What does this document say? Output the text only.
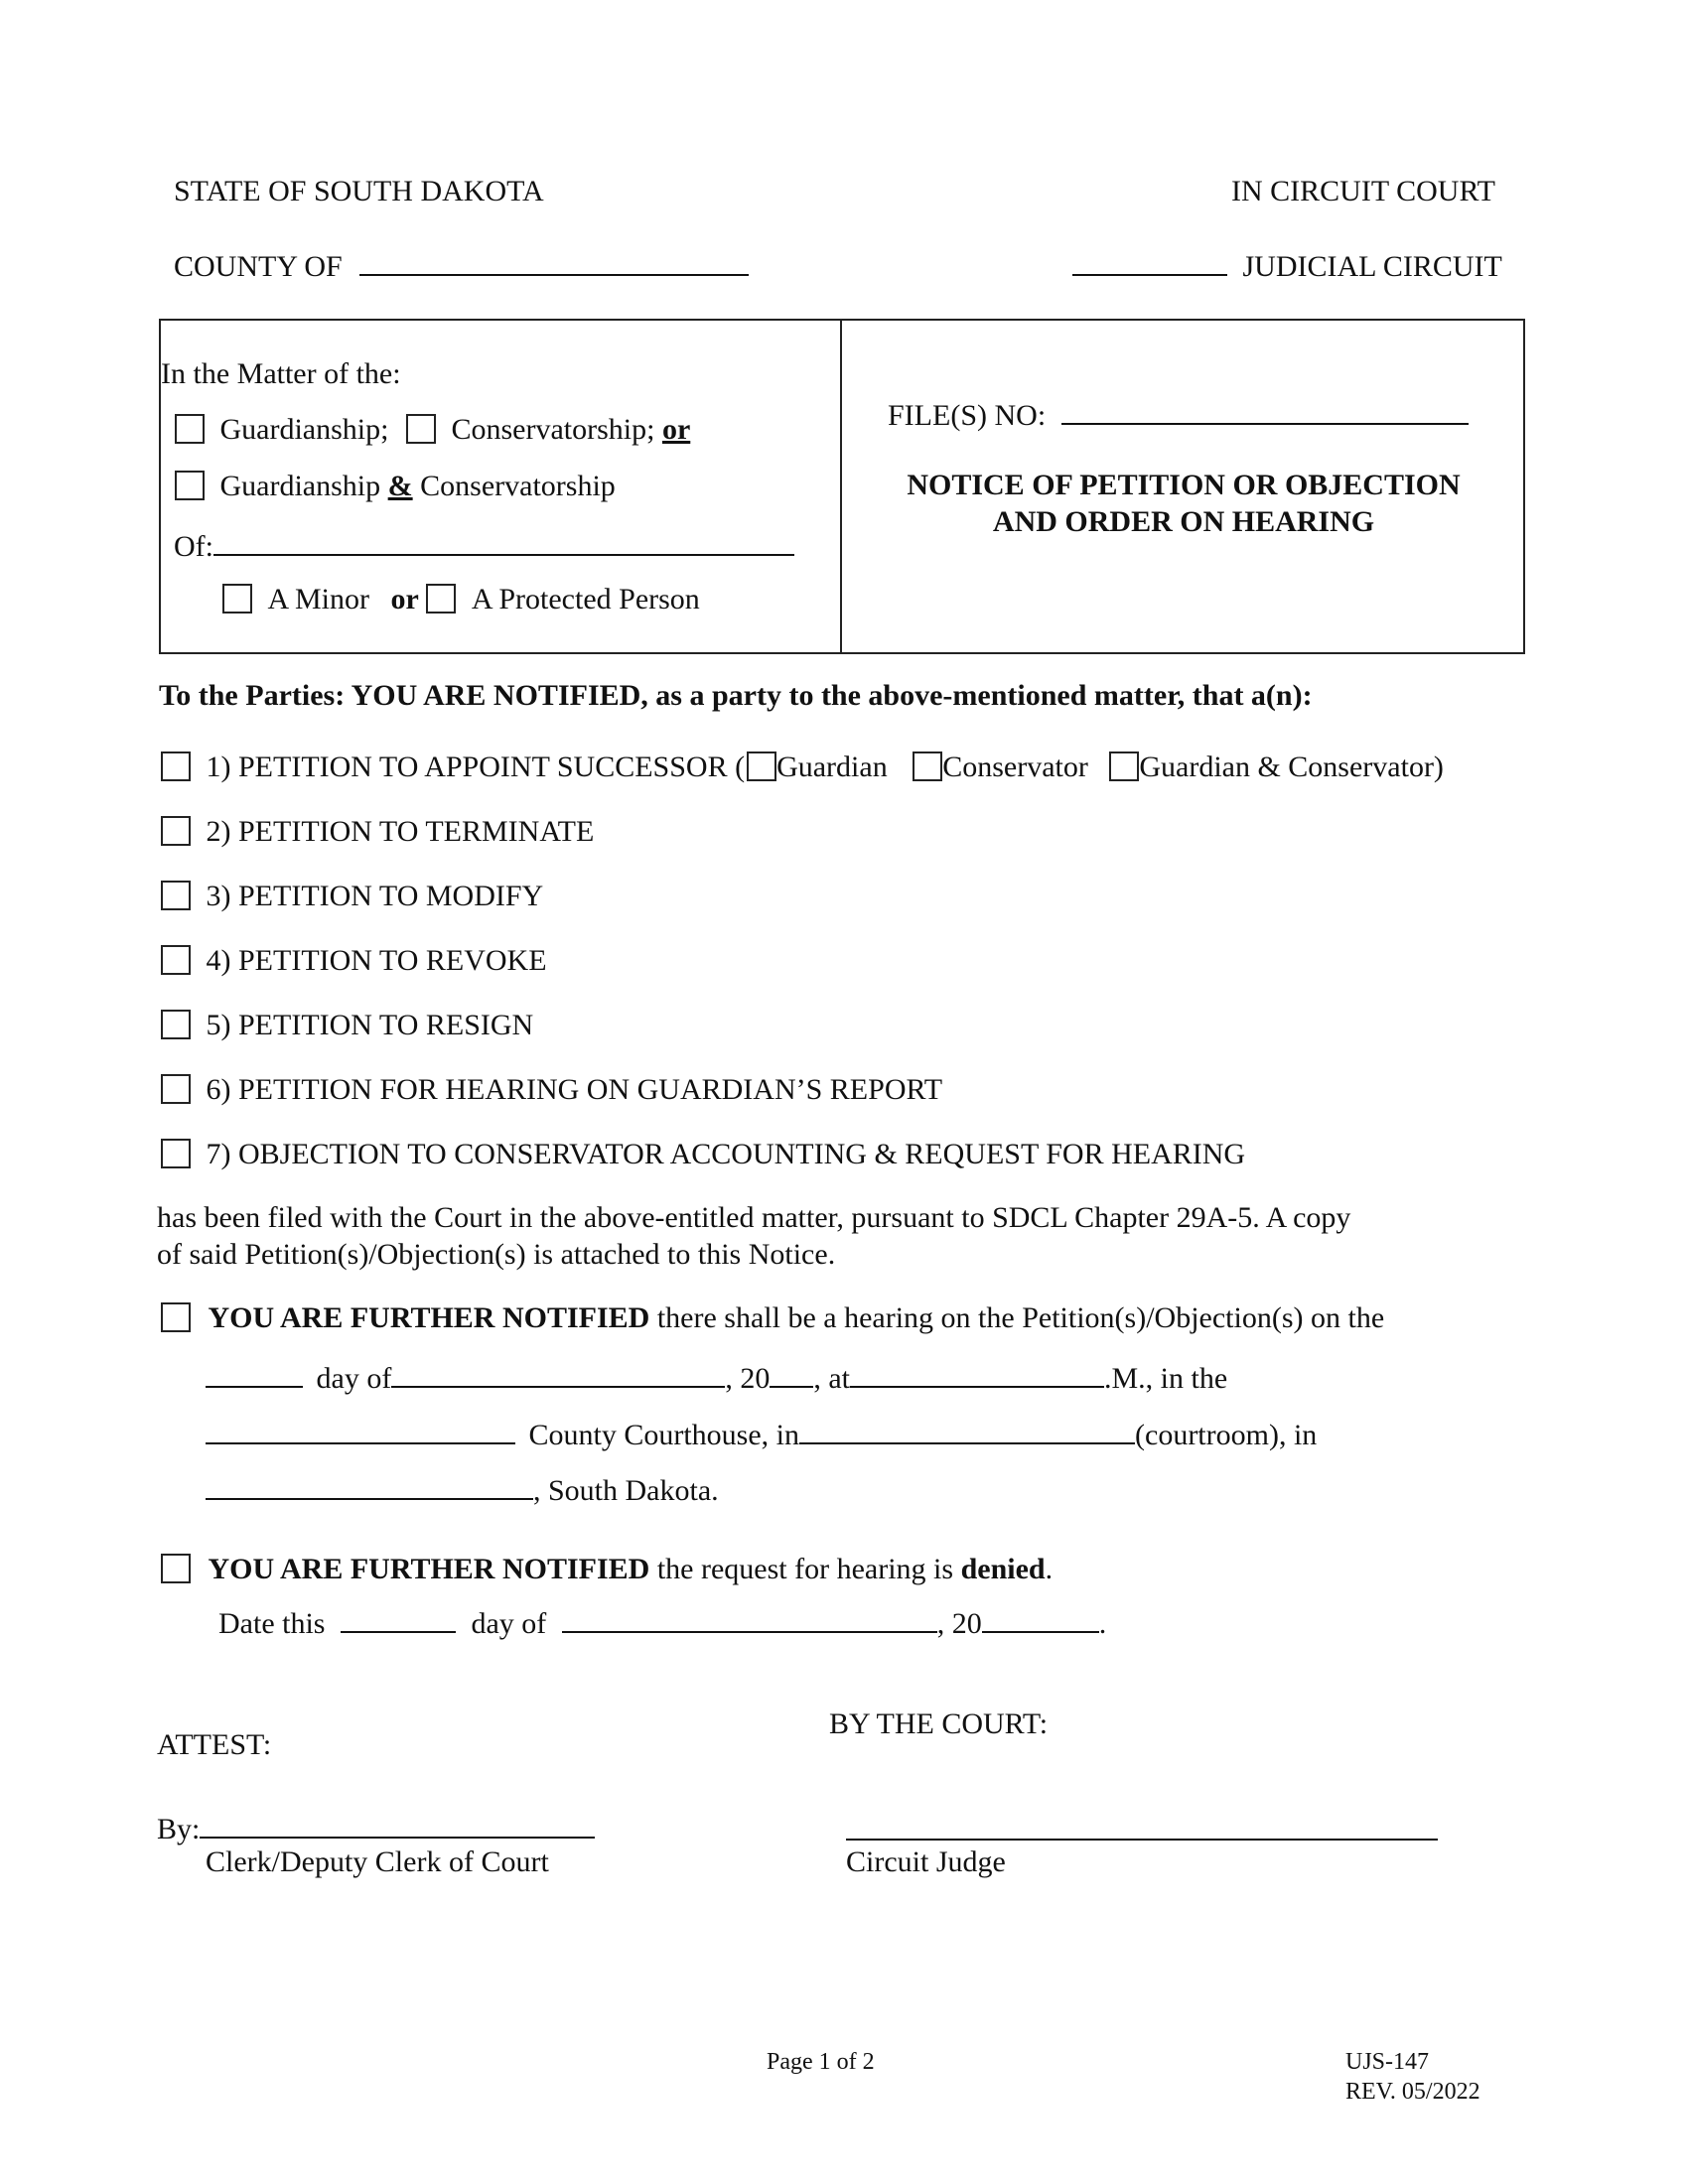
STATE OF SOUTH DAKOTA	IN CIRCUIT COURT
COUNTY OF	JUDICIAL CIRCUIT
In the Matter of the:
Guardianship; Conservatorship; or
Guardianship & Conservatorship
Of:
A Minor or A Protected Person
FILE(S) NO:
NOTICE OF PETITION OR OBJECTION
AND ORDER ON HEARING
To the Parties: YOU ARE NOTIFIED, as a party to the above-mentioned matter, that a(n):
1) PETITION TO APPOINT SUCCESSOR ( Guardian Conservator Guardian & Conservator)
2) PETITION TO TERMINATE
3) PETITION TO MODIFY
4) PETITION TO REVOKE
5) PETITION TO RESIGN
6) PETITION FOR HEARING ON GUARDIAN’S REPORT
7) OBJECTION TO CONSERVATOR ACCOUNTING & REQUEST FOR HEARING
has been filed with the Court in the above-entitled matter, pursuant to SDCL Chapter 29A-5. A copy
of said Petition(s)/Objection(s) is attached to this Notice.
YOU ARE FURTHER NOTIFIED there shall be a hearing on the Petition(s)/Objection(s) on the
day of	, 20 , at	.M., in the
County Courthouse, in	(courtroom), in
, South Dakota.
YOU ARE FURTHER NOTIFIED the request for hearing is denied.
Date this	day of	, 20	.
BY THE COURT:
ATTEST:
By:
Clerk/Deputy Clerk of Court	Circuit Judge
Page 1 of 2	UJS-147
REV. 05/2022
